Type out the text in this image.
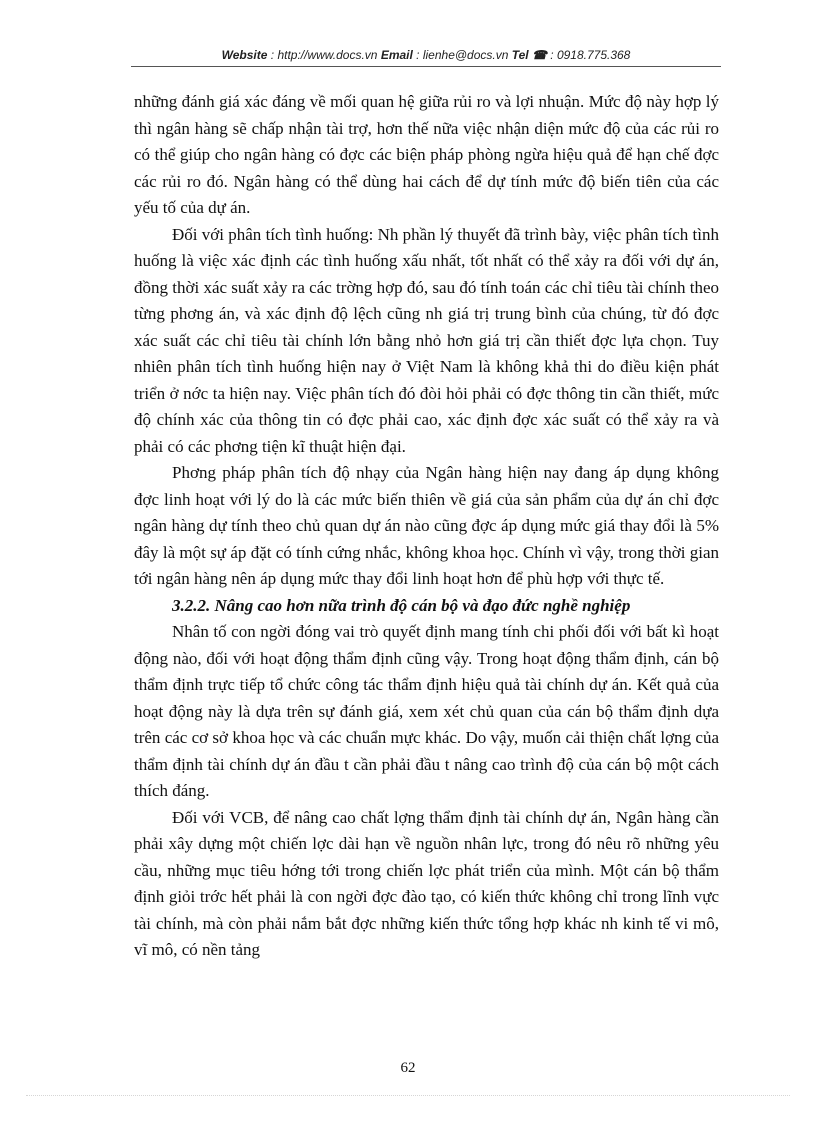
Website : http://www.docs.vn Email : lienhe@docs.vn Tel ☎ : 0918.775.368

những đánh giá xác đáng về mối quan hệ giữa rủi ro và lợi nhuận. Mức độ này hợp lý thì ngân hàng sẽ chấp nhận tài trợ, hơn thế nữa việc nhận diện mức độ của các rủi ro có thể giúp cho ngân hàng có đợc các biện pháp phòng ngừa hiệu quả để hạn chế đợc các rủi ro đó. Ngân hàng có thể dùng hai cách để dự tính mức độ biến tiên của các yếu tố của dự án.

Đối với phân tích tình huống: Nh phần lý thuyết đã trình bày, việc phân tích tình huống là việc xác định các tình huống xấu nhất, tốt nhất có thể xảy ra đối với dự án, đồng thời xác suất xảy ra các trờng hợp đó, sau đó tính toán các chỉ tiêu tài chính theo từng phơng án, và xác định độ lệch cũng nh giá trị trung bình của chúng, từ đó đợc xác suất các chỉ tiêu tài chính lớn bằng nhỏ hơn giá trị cần thiết đợc lựa chọn. Tuy nhiên phân tích tình huống hiện nay ở Việt Nam là không khả thi do điều kiện phát triển ở nớc ta hiện nay. Việc phân tích đó đòi hỏi phải có đợc thông tin cần thiết, mức độ chính xác của thông tin có đợc phải cao, xác định đợc xác suất có thể xảy ra và phải có các phơng tiện kĩ thuật hiện đại.

Phơng pháp phân tích độ nhạy của Ngân hàng hiện nay đang áp dụng không đợc linh hoạt với lý do là các mức biến thiên về giá của sản phẩm của dự án chỉ đợc ngân hàng dự tính theo chủ quan dự án nào cũng đợc áp dụng mức giá thay đổi là 5% đây là một sự áp đặt có tính cứng nhắc, không khoa học. Chính vì vậy, trong thời gian tới ngân hàng nên áp dụng mức thay đổi linh hoạt hơn để phù hợp với thực tế.

3.2.2. Nâng cao hơn nữa trình độ cán bộ và đạo đức nghề nghiệp

Nhân tố con ngời đóng vai trò quyết định mang tính chi phối đối với bất kì hoạt động nào, đối với hoạt động thẩm định cũng vậy. Trong hoạt động thẩm định, cán bộ thẩm định trực tiếp tổ chức công tác thẩm định hiệu quả tài chính dự án. Kết quả của hoạt động này là dựa trên sự đánh giá, xem xét chủ quan của cán bộ thẩm định dựa trên các cơ sở khoa học và các chuẩn mực khác. Do vậy, muốn cải thiện chất lợng của thẩm định tài chính dự án đầu t cần phải đầu t nâng cao trình độ của cán bộ một cách thích đáng.

Đối với VCB, để nâng cao chất lợng thẩm định tài chính dự án, Ngân hàng cần phải xây dựng một chiến lợc dài hạn về nguồn nhân lực, trong đó nêu rõ những yêu cầu, những mục tiêu hớng tới trong chiến lợc phát triển của mình. Một cán bộ thẩm định giỏi trớc hết phải là con ngời đợc đào tạo, có kiến thức không chỉ trong lĩnh vực tài chính, mà còn phải nắm bắt đợc những kiến thức tổng hợp khác nh kinh tế vi mô, vĩ mô, có nền tảng

62
